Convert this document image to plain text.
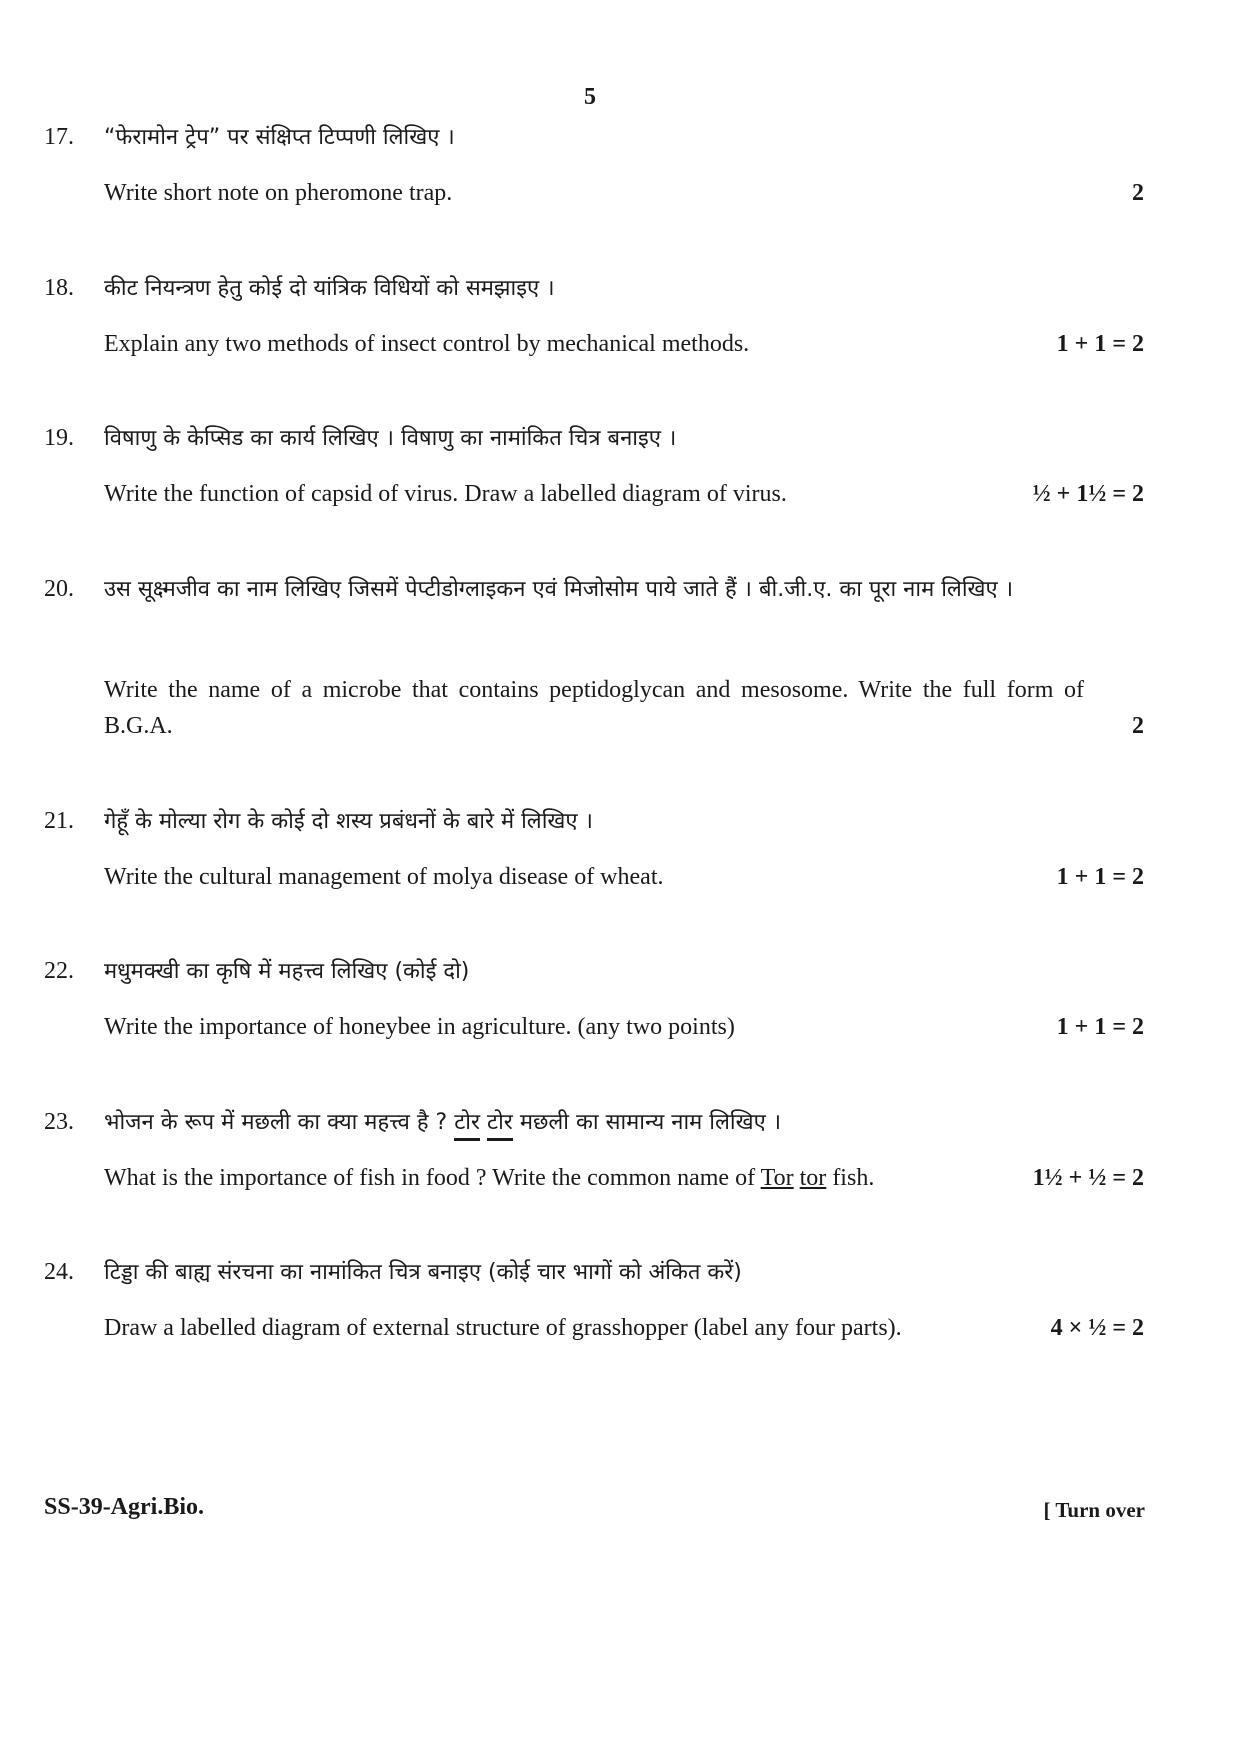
5
17. “फेरामोन ट्रेप” पर संक्षिप्त टिप्पणी लिखिए ।
Write short note on pheromone trap.	2
18. कीट नियन्त्रण हेतु कोई दो यांत्रिक विधियों को समझाइए ।
Explain any two methods of insect control by mechanical methods.	1 + 1 = 2
19. विषाणु के केप्सिड का कार्य लिखिए । विषाणु का नामांकित चित्र बनाइए ।
Write the function of capsid of virus. Draw a labelled diagram of virus.	½ + 1½ = 2
20. उस सूक्ष्मजीव का नाम लिखिए जिसमें पेप्टीडोग्लाइकन एवं मिजोसोम पाये जाते हैं । बी.जी.ए. का पूरा नाम लिखिए ।
Write the name of a microbe that contains peptidoglycan and mesosome. Write the full form of B.G.A.	2
21. गेहूँ के मोल्या रोग के कोई दो शस्य प्रबंधनों के बारे में लिखिए ।
Write the cultural management of molya disease of wheat.	1 + 1 = 2
22. मधुमक्खी का कृषि में महत्त्व लिखिए (कोई दो)
Write the importance of honeybee in agriculture. (any two points)	1 + 1 = 2
23. भोजन के रूप में मछली का क्या महत्त्व है ? टोर टोर मछली का सामान्य नाम लिखिए ।
What is the importance of fish in food ? Write the common name of Tor tor fish.	1½ + ½ = 2
24. टिड्डा की बाह्य संरचना का नामांकित चित्र बनाइए (कोई चार भागों को अंकित करें)
Draw a labelled diagram of external structure of grasshopper (label any four parts).	4 × ½ = 2
SS-39-Agri.Bio.	[ Turn over
